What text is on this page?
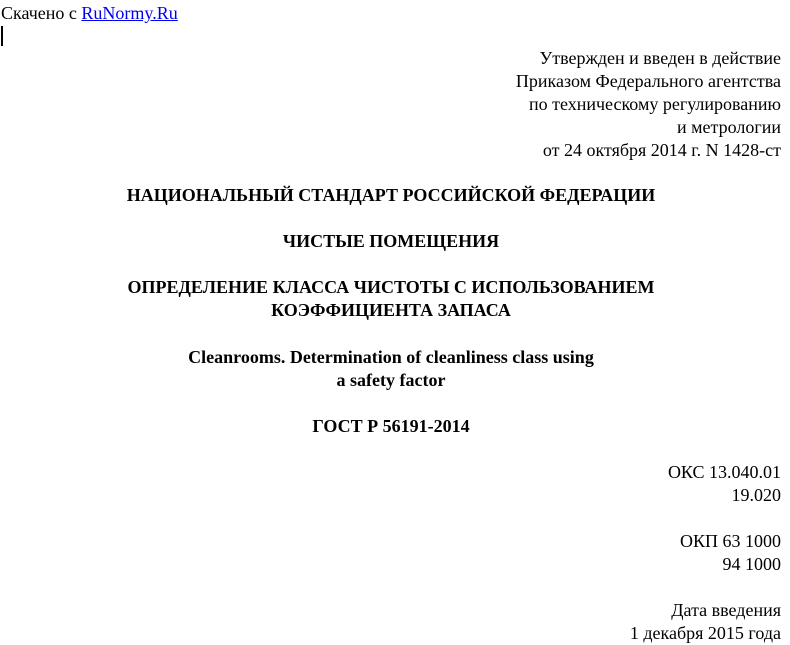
Скачено с RuNormy.Ru
Утвержден и введен в действие
Приказом Федерального агентства
по техническому регулированию
и метрологии
от 24 октября 2014 г. N 1428-ст
НАЦИОНАЛЬНЫЙ СТАНДАРТ РОССИЙСКОЙ ФЕДЕРАЦИИ
ЧИСТЫЕ ПОМЕЩЕНИЯ
ОПРЕДЕЛЕНИЕ КЛАССА ЧИСТОТЫ С ИСПОЛЬЗОВАНИЕМ
КОЭФФИЦИЕНТА ЗАПАСА
Cleanrooms. Determination of cleanliness class using
a safety factor
ГОСТ Р 56191-2014
ОКС 13.040.01
19.020
ОКП 63 1000
94 1000
Дата введения
1 декабря 2015 года
